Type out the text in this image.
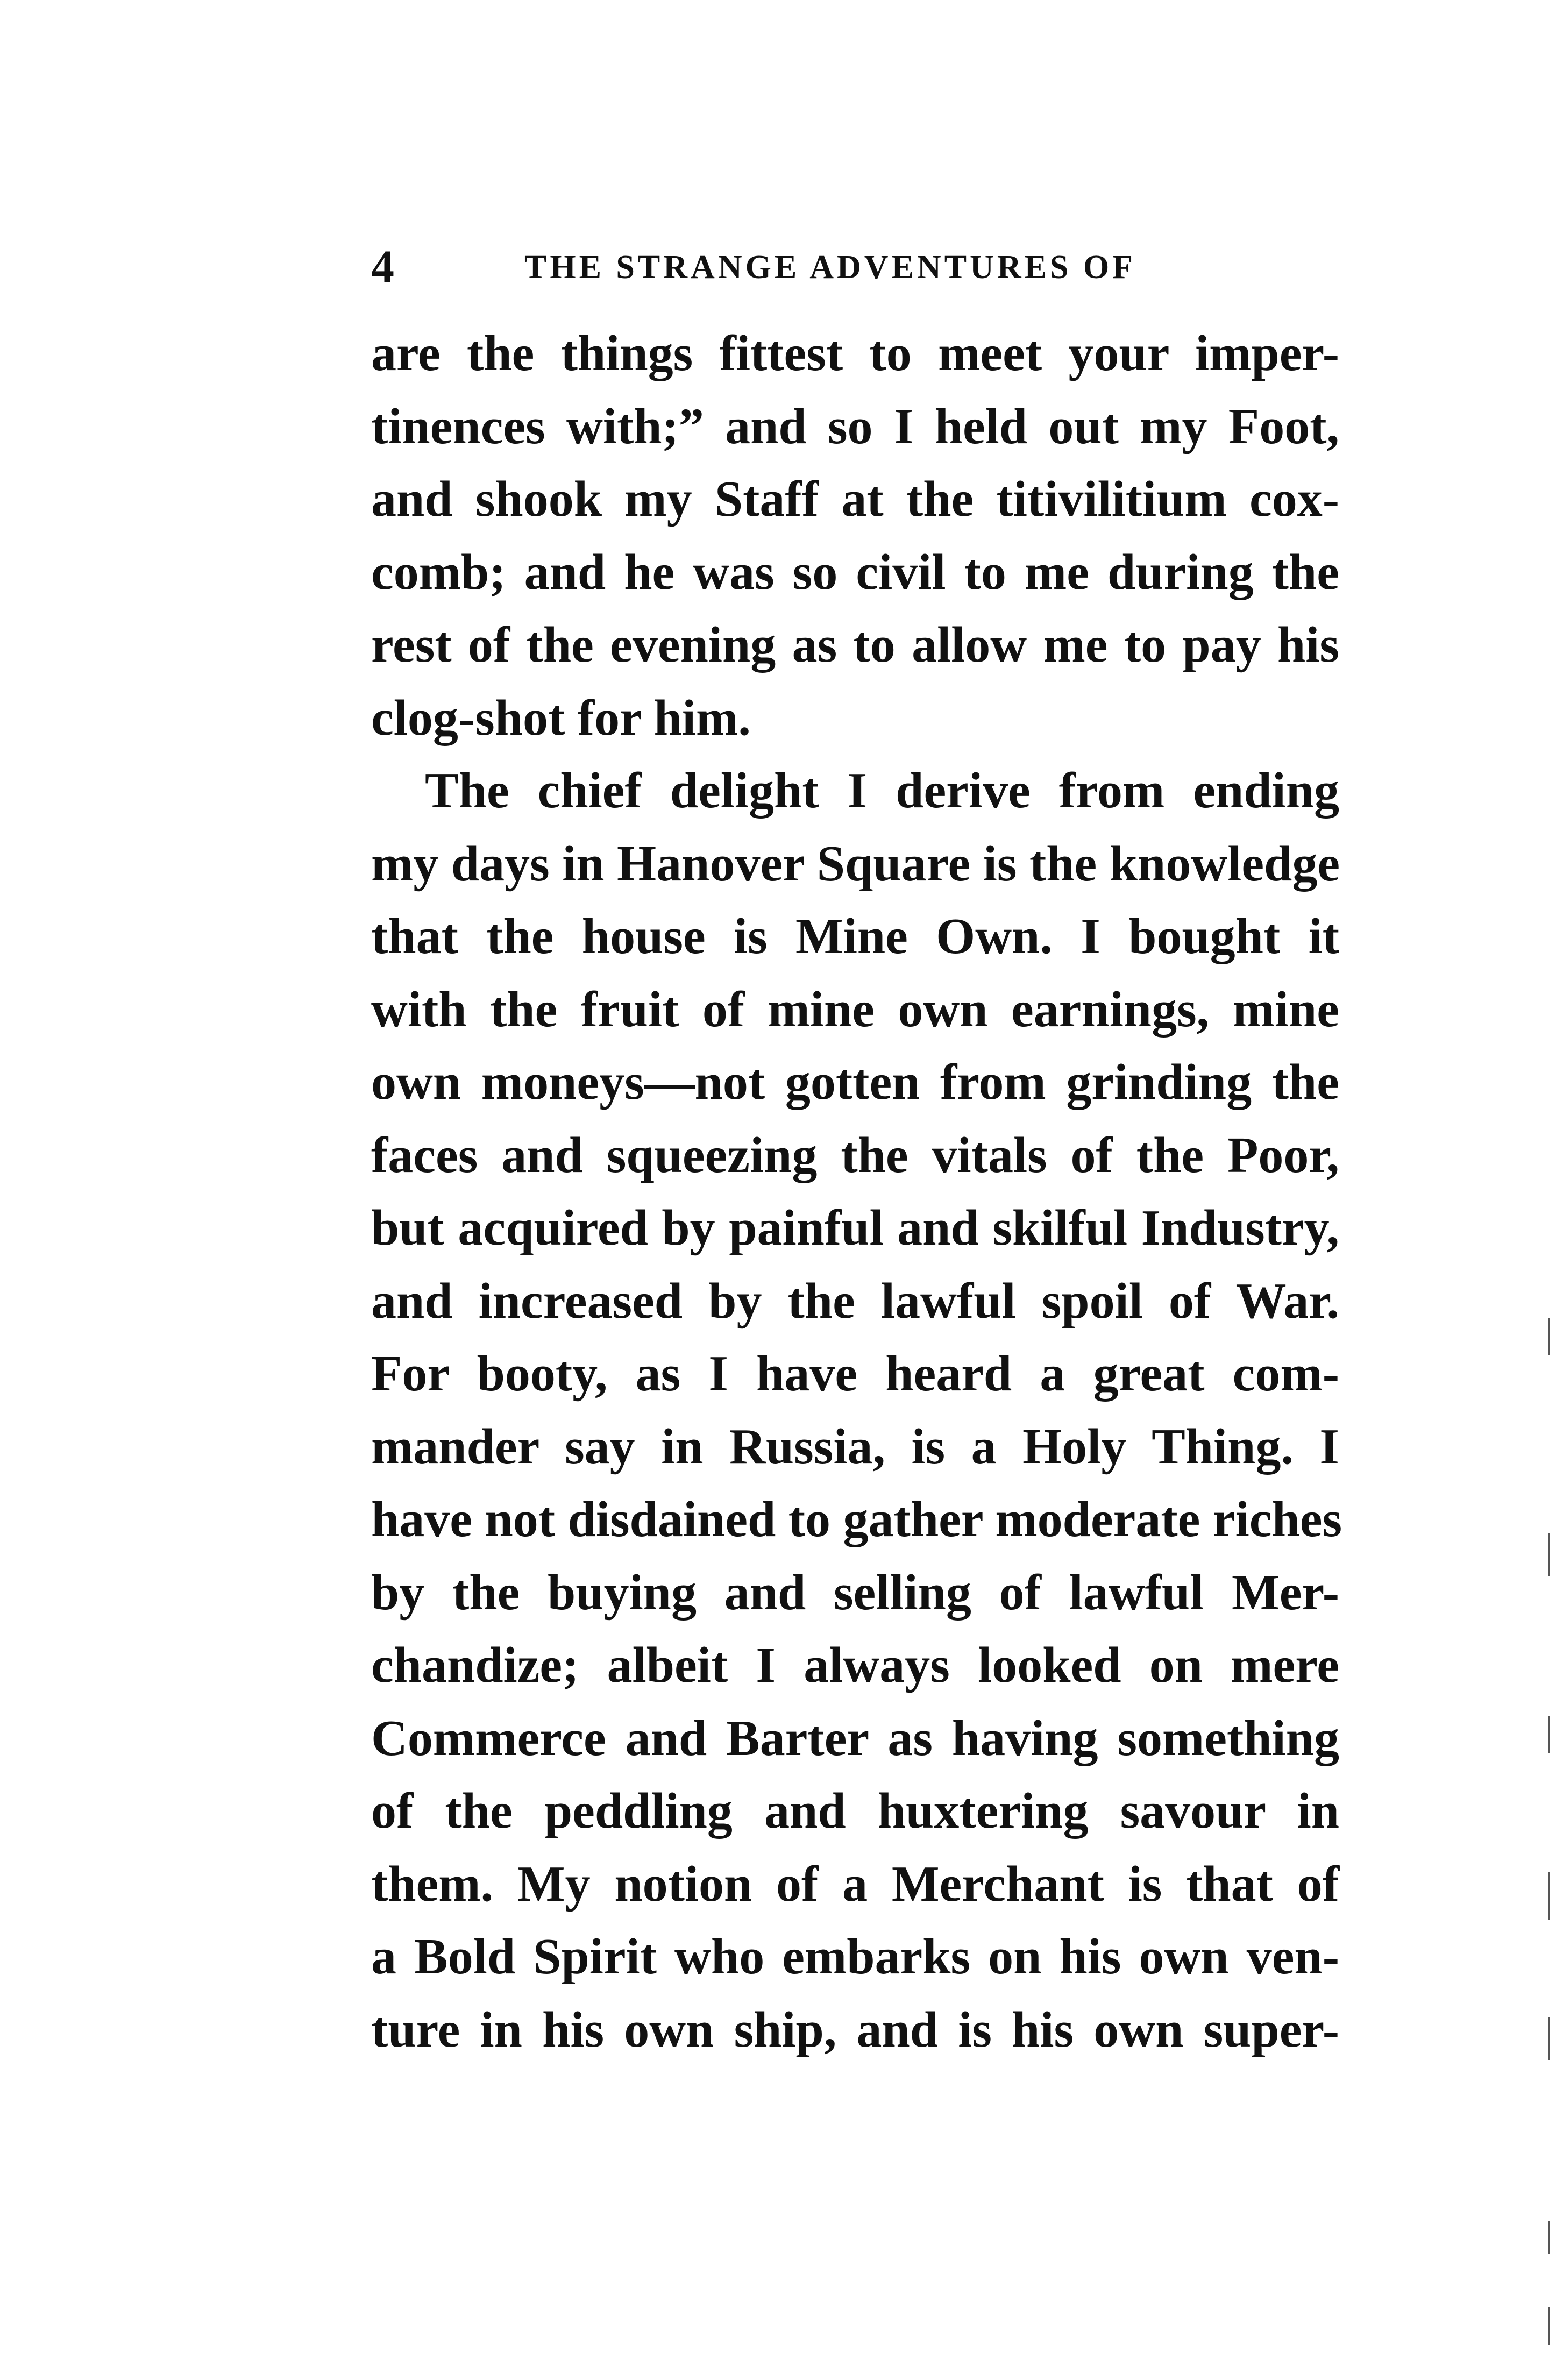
4	THE STRANGE ADVENTURES OF
are the things fittest to meet your imper-
tinences with;” and so I held out my Foot,
and shook my Staff at the titivilitium cox-
comb; and he was so civil to me during the
rest of the evening as to allow me to pay his
clog-shot for him.
The chief delight I derive from ending
my days in Hanover Square is the knowledge
that the house is Mine Own. I bought it
with the fruit of mine own earnings, mine
own moneys—not gotten from grinding the
faces and squeezing the vitals of the Poor,
but acquired by painful and skilful Industry,
and increased by the lawful spoil of War.
For booty, as I have heard a great com-
mander say in Russia, is a Holy Thing. I
have not disdained to gather moderate riches
by the buying and selling of lawful Mer-
chandize; albeit I always looked on mere
Commerce and Barter as having something
of the peddling and huxtering savour in
them. My notion of a Merchant is that of
a Bold Spirit who embarks on his own ven-
ture in his own ship, and is his own super-
